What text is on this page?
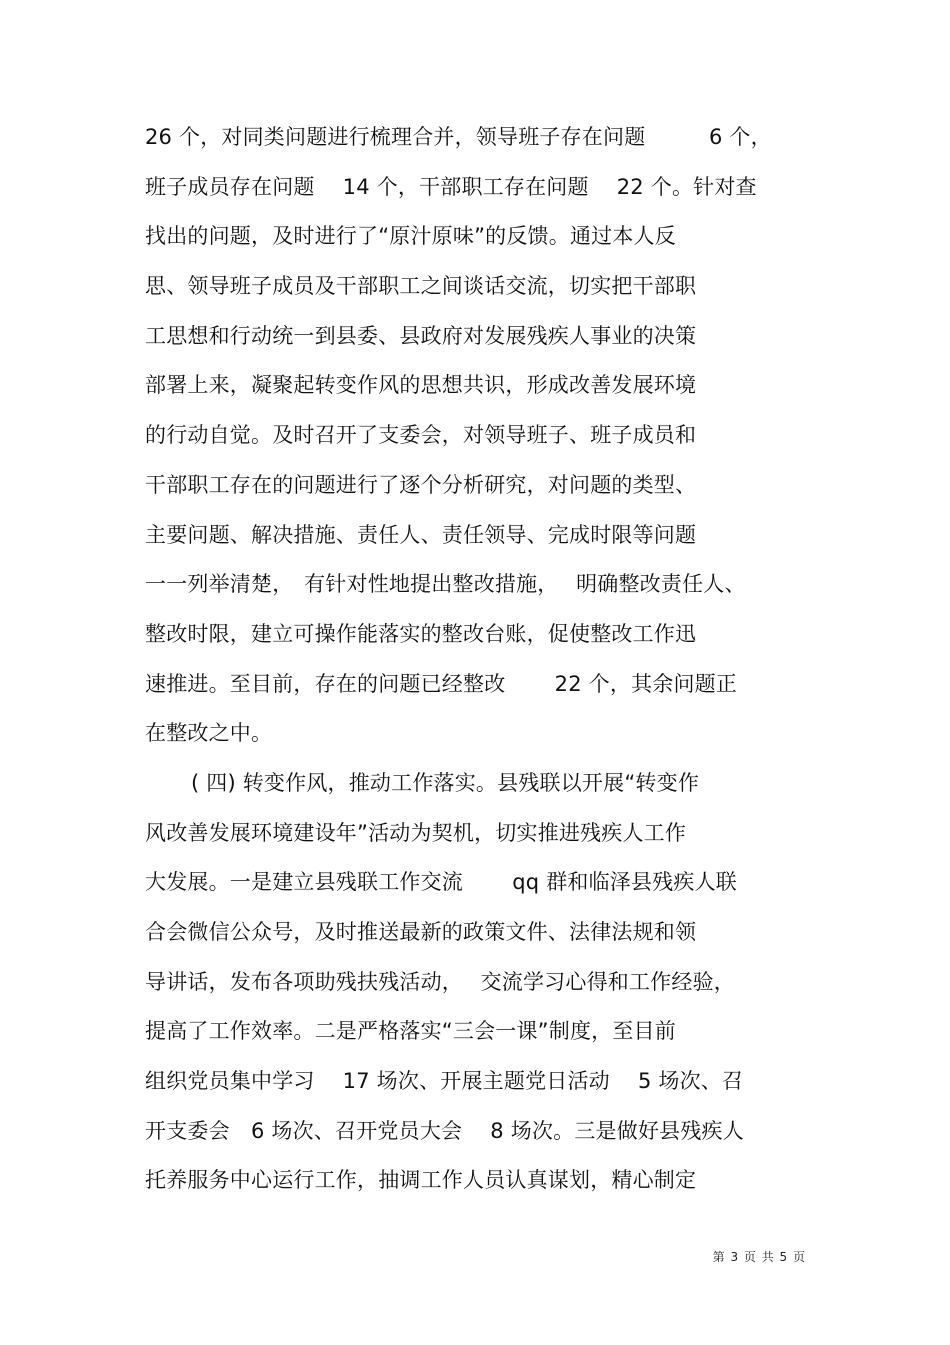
26 个，对同类问题进行梳理合并，领导班子存在问题　　　6 个，
班子成员存在问题　 14 个，干部职工存在问题　 22 个。针对查
找出的问题，及时进行了“原汁原味”的反馈。通过本人反
思、领导班子成员及干部职工之间谈话交流，切实把干部职
工思想和行动统一到县委、县政府对发展残疾人事业的决策
部署上来，凝聚起转变作风的思想共识，形成改善发展环境
的行动自觉。及时召开了支委会，对领导班子、班子成员和
干部职工存在的问题进行了逐个分析研究，对问题的类型、
主要问题、解决措施、责任人、责任领导、完成时限等问题
一一列举清楚，　有针对性地提出整改措施，　 明确整改责任人、
整改时限，建立可操作能落实的整改台账，促使整改工作迅
速推进。至目前，存在的问题已经整改　　 22 个，其余问题正
在整改之中。
( 四) 转变作风，推动工作落实。县残联以开展“转变作
风改善发展环境建设年”活动为契机，切实推进残疾人工作
大发展。一是建立县残联工作交流　　 qq 群和临泽县残疾人联
合会微信公众号，及时推送最新的政策文件、法律法规和领
导讲话，发布各项助残扶残活动，　 交流学习心得和工作经验，
提高了工作效率。二是严格落实“三会一课”制度，至目前
组织党员集中学习　 17 场次、开展主题党日活动　 5 场次、召
开支委会　6 场次、召开党员大会　 8 场次。三是做好县残疾人
托养服务中心运行工作，抽调工作人员认真谋划，精心制定
第 3 页 共 5 页
